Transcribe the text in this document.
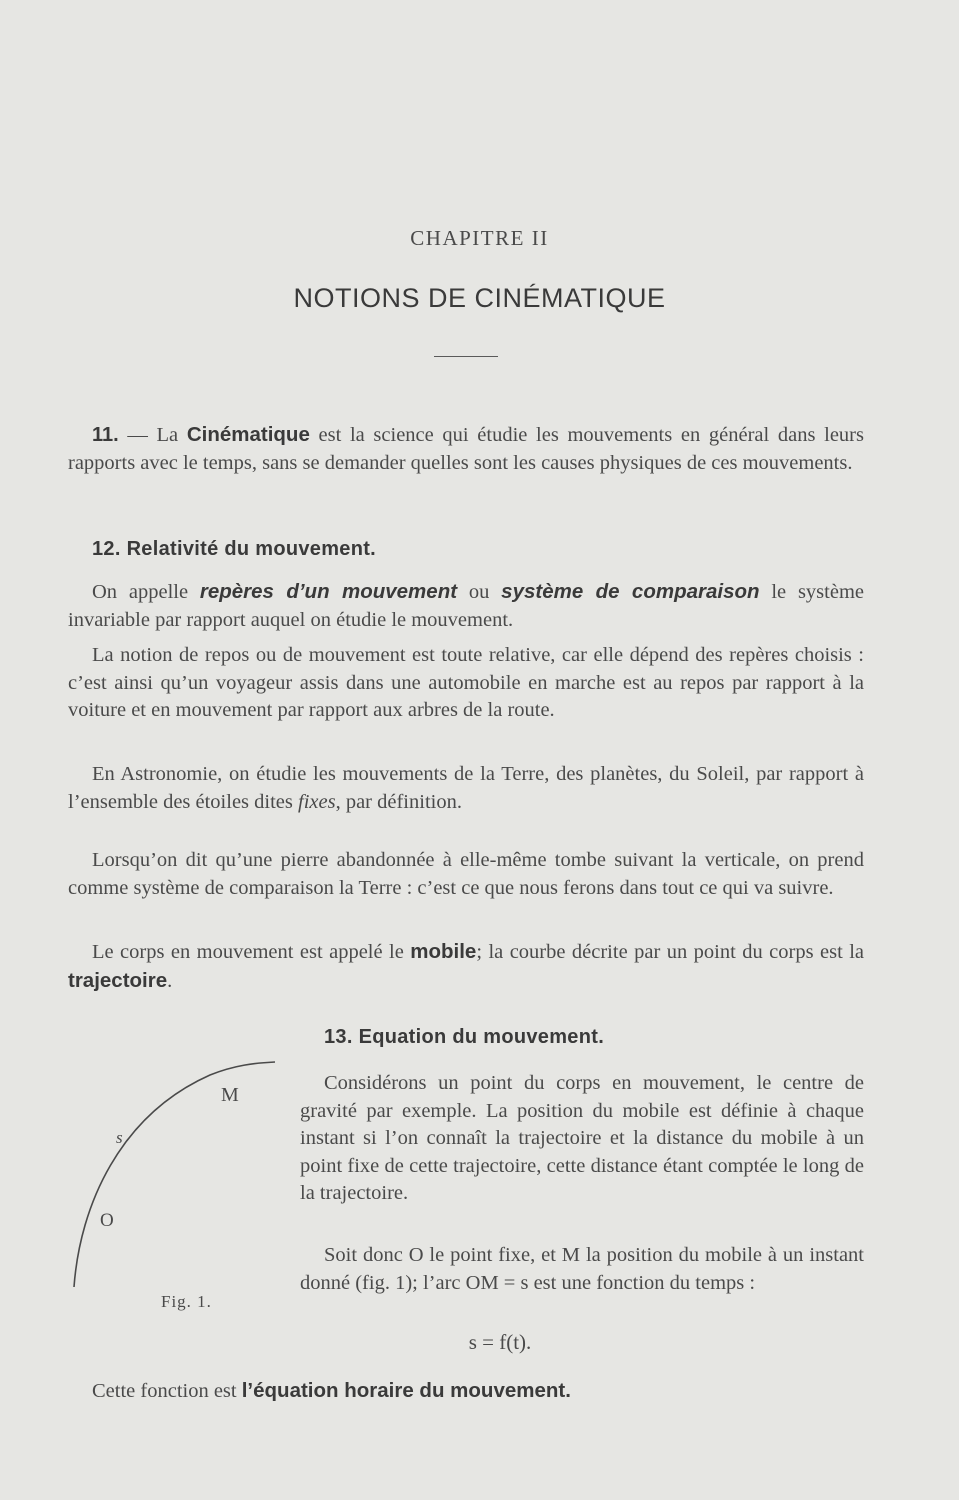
CHAPITRE II
NOTIONS DE CINÉMATIQUE
11. — La Cinématique est la science qui étudie les mouvements en général dans leurs rapports avec le temps, sans se demander quelles sont les causes physiques de ces mouvements.
12. Relativité du mouvement.
On appelle repères d’un mouvement ou système de comparaison le système invariable par rapport auquel on étudie le mouvement.
La notion de repos ou de mouvement est toute relative, car elle dépend des repères choisis : c’est ainsi qu’un voyageur assis dans une automobile en marche est au repos par rapport à la voiture et en mouvement par rapport aux arbres de la route.
En Astronomie, on étudie les mouvements de la Terre, des planètes, du Soleil, par rapport à l’ensemble des étoiles dites fixes, par définition.
Lorsqu’on dit qu’une pierre abandonnée à elle-même tombe suivant la verticale, on prend comme système de comparaison la Terre : c’est ce que nous ferons dans tout ce qui va suivre.
Le corps en mouvement est appelé le mobile; la courbe décrite par un point du corps est la trajectoire.
13. Equation du mouvement.
M
s
O
Fig. 1.
Considérons un point du corps en mouvement, le centre de gravité par exemple. La position du mobile est définie à chaque instant si l’on connaît la trajectoire et la distance du mobile à un point fixe de cette trajectoire, cette distance étant comptée le long de la trajectoire.
Soit donc O le point fixe, et M la position du mobile à un instant donné (fig. 1); l’arc OM = s est une fonction du temps :
s = f(t).
Cette fonction est l’équation horaire du mouvement.
